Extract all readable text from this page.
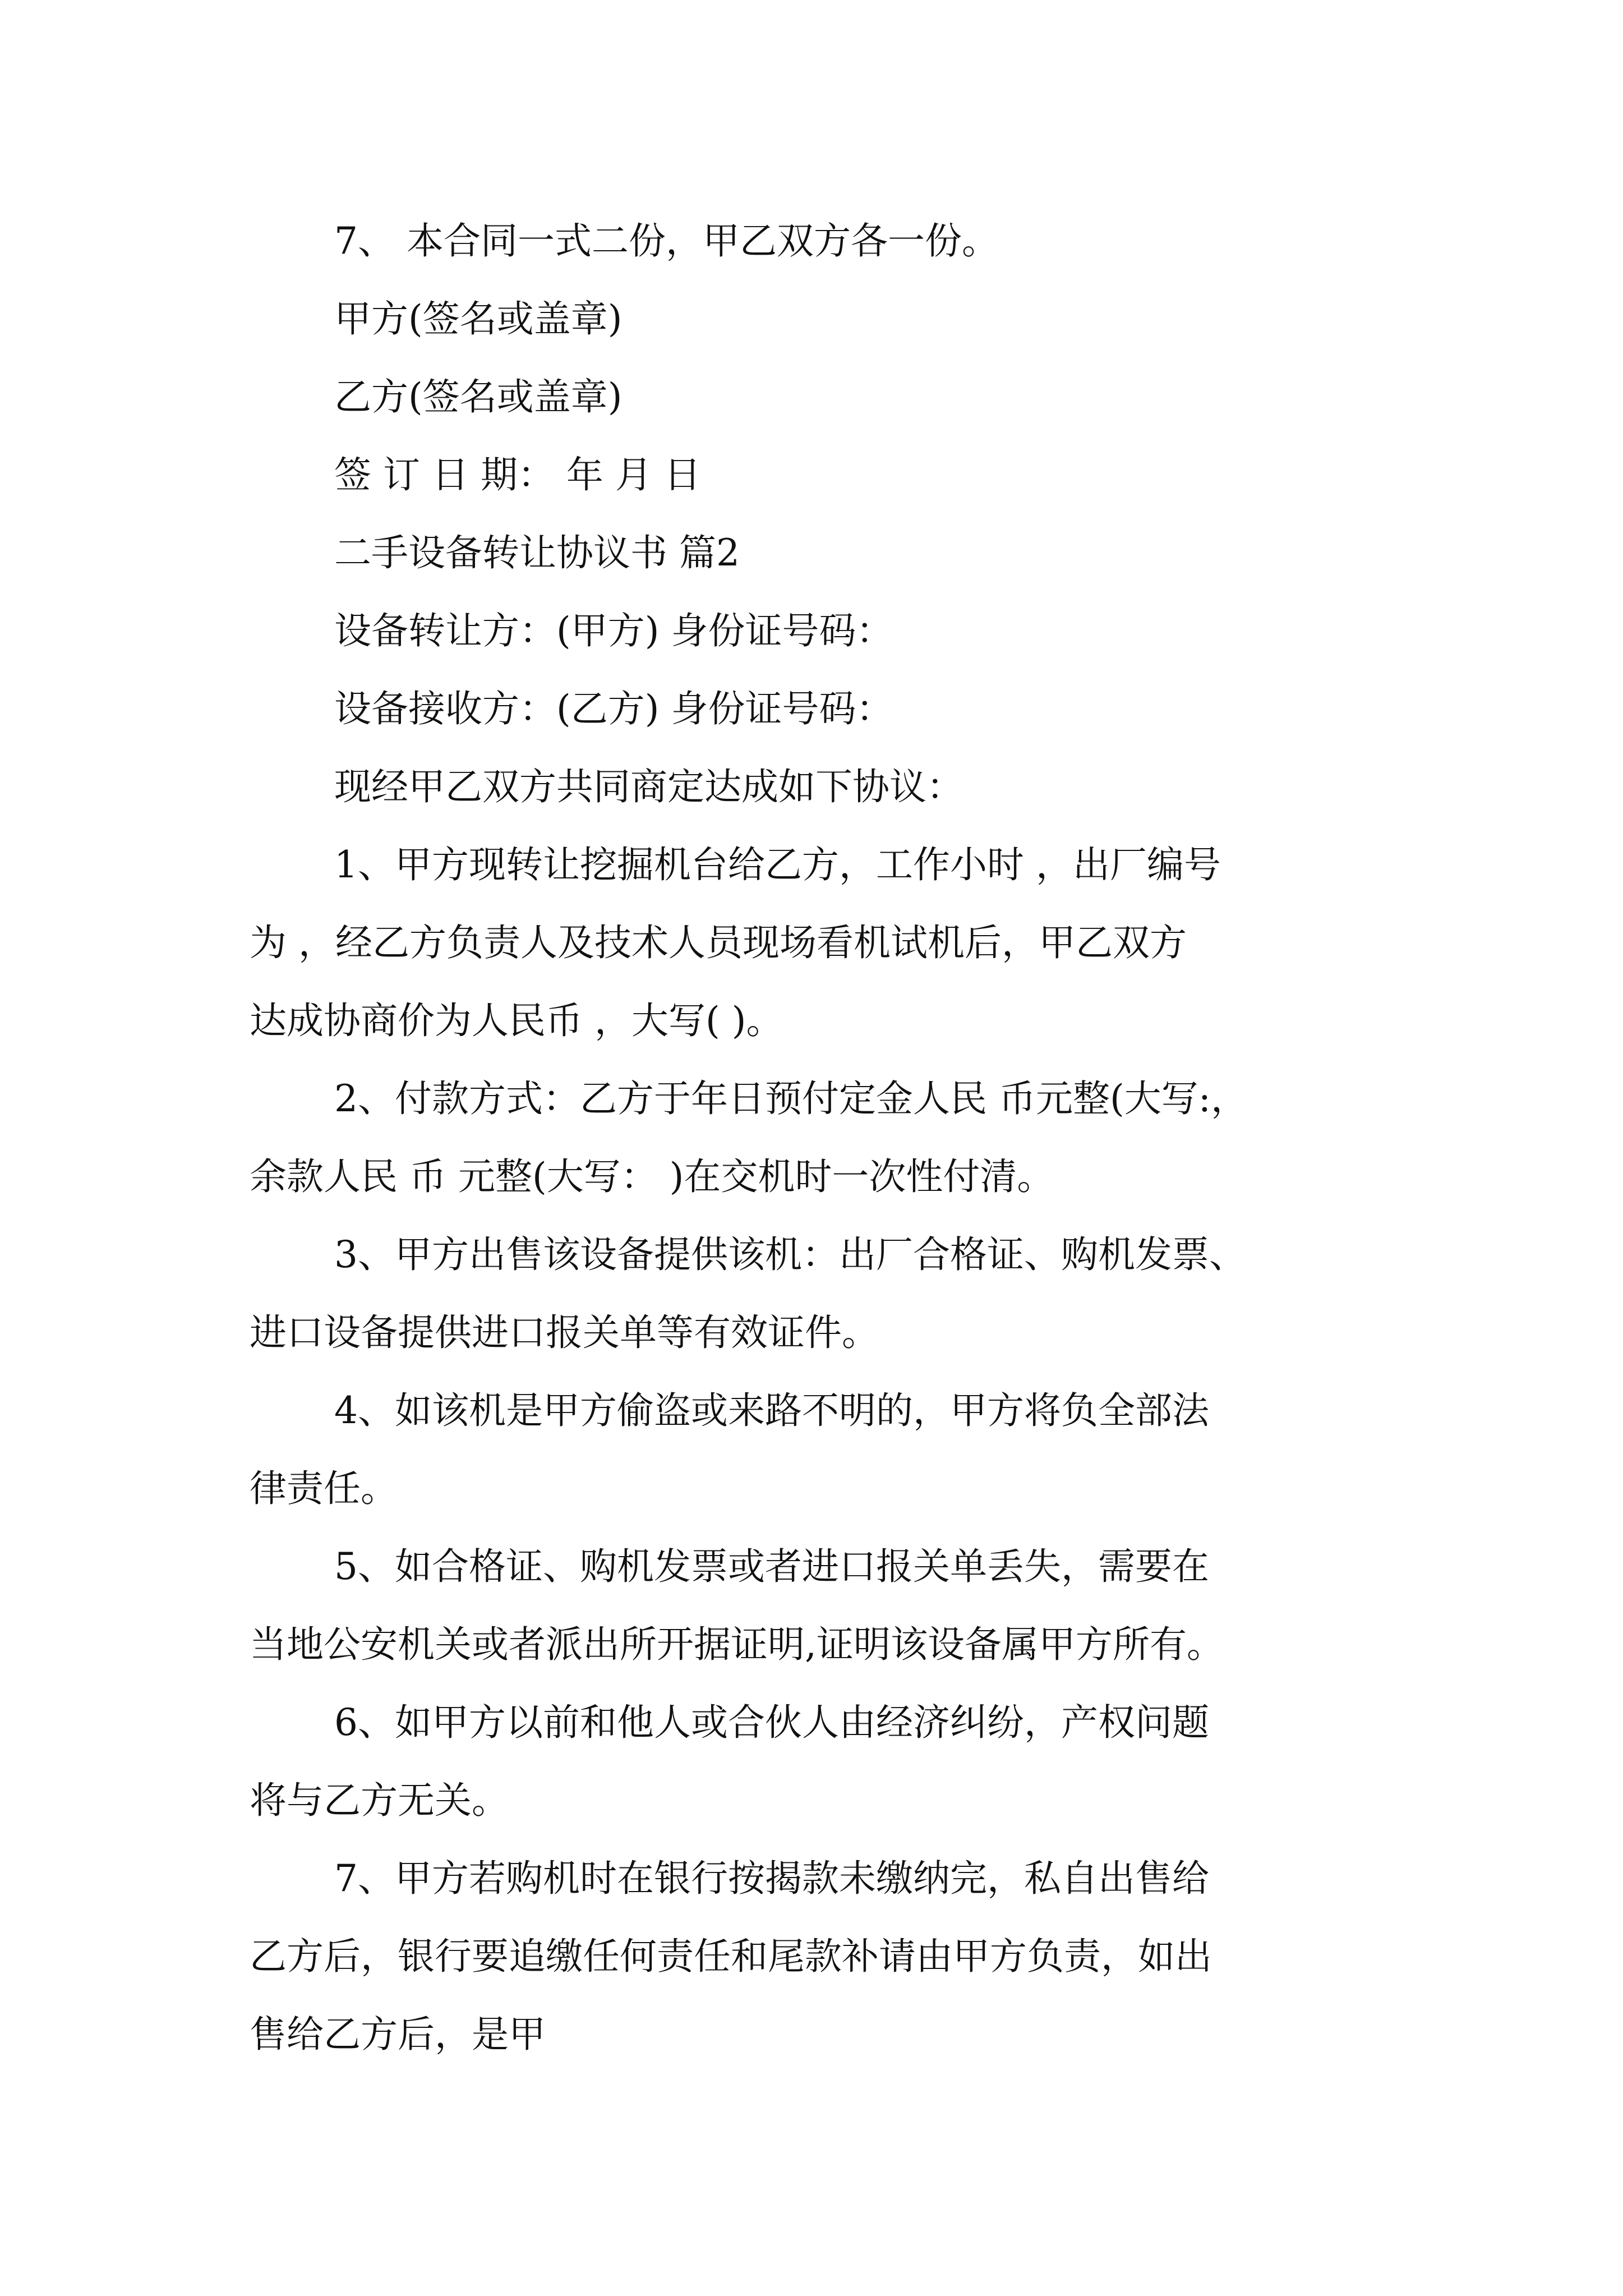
7、 本合同一式二份，甲乙双方各一份。

甲方(签名或盖章)

乙方(签名或盖章)

签 订 日 期： 年 月 日

二手设备转让协议书 篇2

设备转让方：(甲方) 身份证号码：

设备接收方：(乙方) 身份证号码：

现经甲乙双方共同商定达成如下协议：

1、甲方现转让挖掘机台给乙方，工作小时 ，出厂编号

为 ，经乙方负责人及技术人员现场看机试机后，甲乙双方

达成协商价为人民币 ，大写( )。

2、付款方式：乙方于年日预付定金人民 币元整(大写:，

余款人民 币 元整(大写： )在交机时一次性付清。

3、甲方出售该设备提供该机：出厂合格证、购机发票、

进口设备提供进口报关单等有效证件。

4、如该机是甲方偷盗或来路不明的，甲方将负全部法

律责任。

5、如合格证、购机发票或者进口报关单丢失，需要在

当地公安机关或者派出所开据证明,证明该设备属甲方所有。

6、如甲方以前和他人或合伙人由经济纠纷，产权问题

将与乙方无关。

7、甲方若购机时在银行按揭款未缴纳完，私自出售给

乙方后，银行要追缴任何责任和尾款补请由甲方负责，如出

售给乙方后，是甲
